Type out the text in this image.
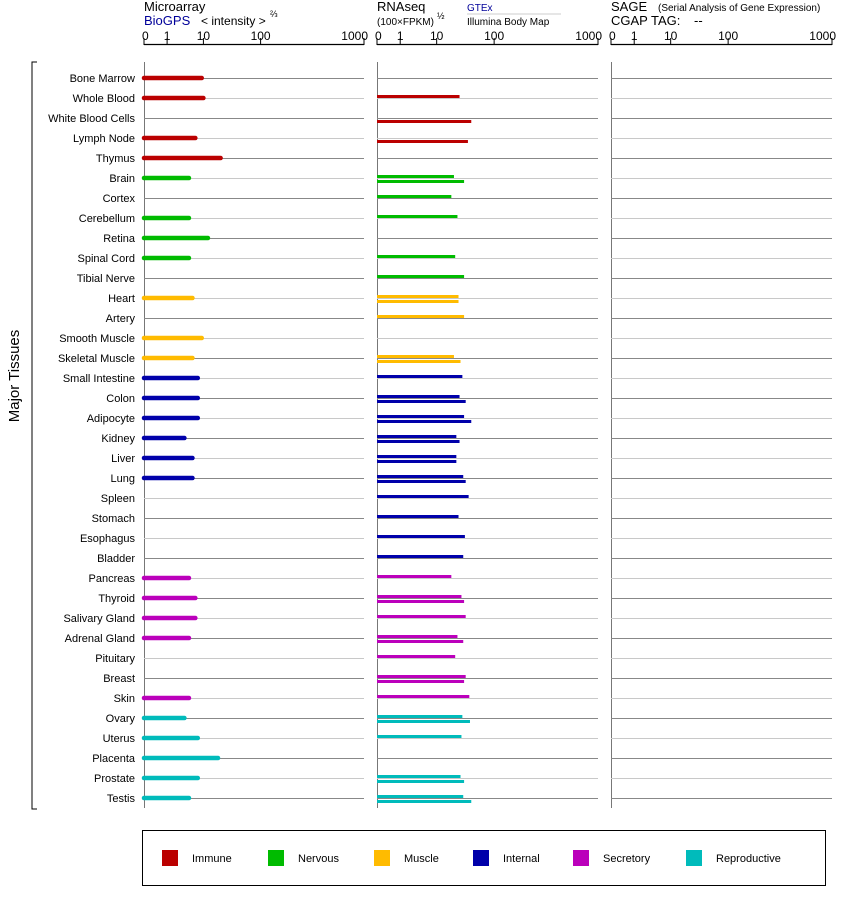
Microarray
BioGPS < intensity > ⅔	RNAseq
(100×FPKM)
½
GTEx
Illumina Body Map
SAGE (Serial Analysis of Gene Expression)
CGAP TAG: --
Major Tissues
0 1 10	100	1000 0 1 10	100	1000 0 1 10	100	1000
Bone Marrow
Whole Blood
White Blood Cells
Lymph Node
Thymus
Brain
Cortex
Cerebellum
Retina
Spinal Cord
Tibial Nerve
Heart
Artery
Smooth Muscle
Skeletal Muscle
Small Intestine
Colon
Adipocyte
Kidney
Liver
Lung
Spleen
Stomach
Esophagus
Bladder
Pancreas
Thyroid
Salivary Gland
Adrenal Gland
Pituitary
Breast
Skin
Ovary
Uterus
Placenta
Prostate
Testis
Immune	Nervous	Muscle	Internal	Secretory	Reproductive
